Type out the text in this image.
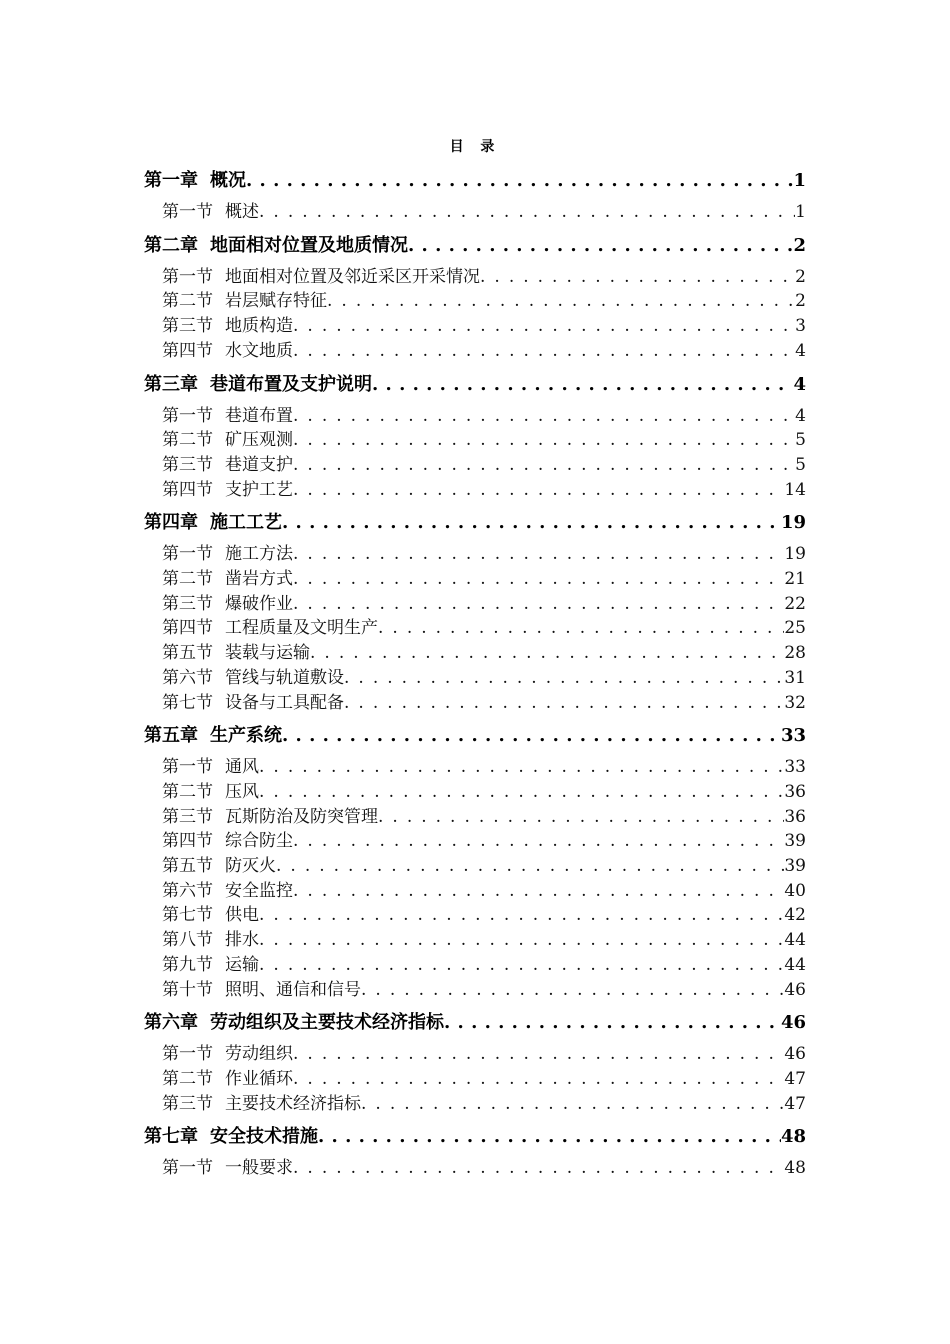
目 录
第一章 概况 . . .	1
第一节 概述 . . .	1
第二章 地面相对位置及地质情况 . . .	2
第一节 地面相对位置及邻近采区开采情况 . . .	2
第二节 岩层赋存特征 . . .	2
第三节 地质构造 . . .	3
第四节 水文地质 . . .	4
第三章 巷道布置及支护说明 . . .	4
第一节 巷道布置 . . .	4
第二节 矿压观测 . . .	5
第三节 巷道支护 . . .	5
第四节 支护工艺 . . .	14
第四章 施工工艺 . . .	19
第一节 施工方法 . . .	19
第二节 凿岩方式 . . .	21
第三节 爆破作业 . . .	22
第四节 工程质量及文明生产 . . .	25
第五节 装载与运输 . . .	28
第六节 管线与轨道敷设 . . .	31
第七节 设备与工具配备 . . .	32
第五章 生产系统 . . .	33
第一节 通风 . . .	33
第二节 压风 . . .	36
第三节 瓦斯防治及防突管理 . . .	36
第四节 综合防尘 . . .	39
第五节 防灭火 . . .	39
第六节 安全监控 . . .	40
第七节 供电 . . .	42
第八节 排水 . . .	44
第九节 运输 . . .	44
第十节 照明、通信和信号 . . .	46
第六章 劳动组织及主要技术经济指标 . . .	46
第一节 劳动组织 . . .	46
第二节 作业循环 . . .	47
第三节 主要技术经济指标 . . .	47
第七章 安全技术措施 . . .	48
第一节 一般要求 . . .	48
